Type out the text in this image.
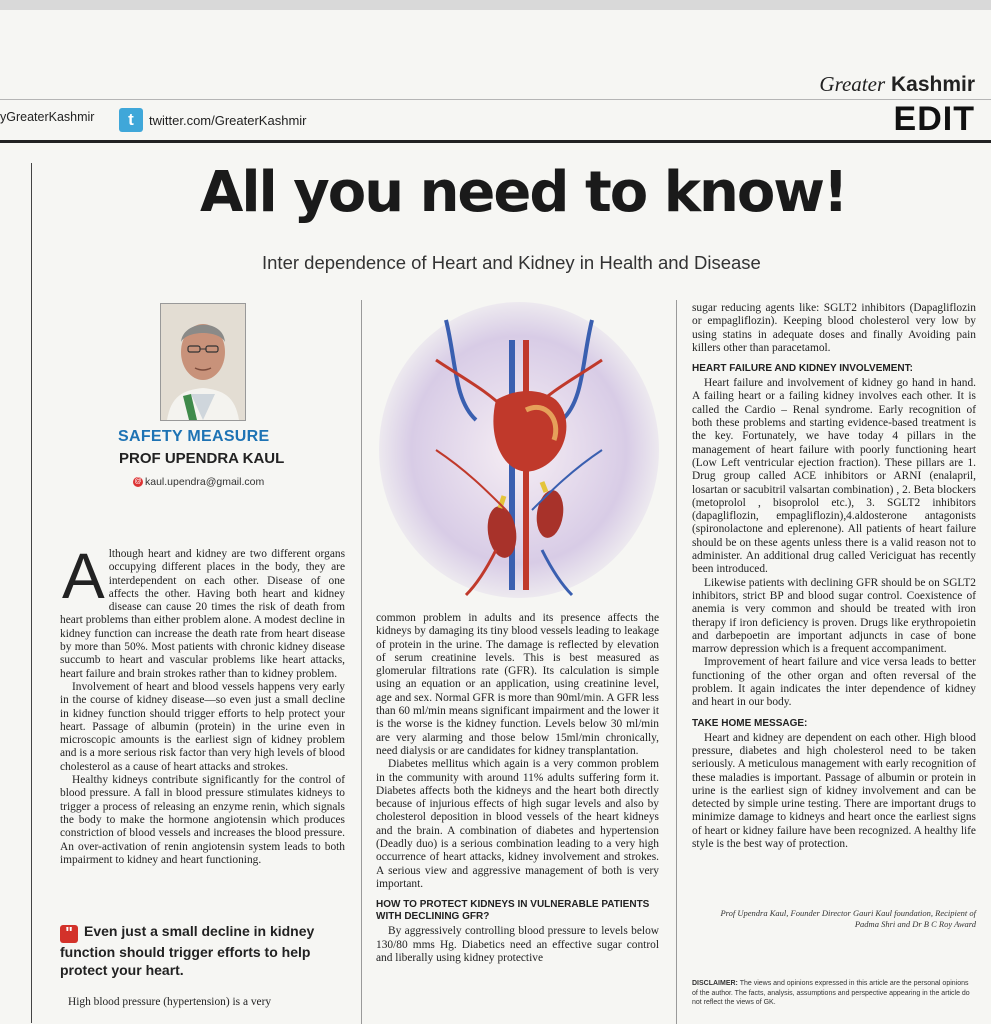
Greater Kashmir
yGreaterKashmir	t	twitter.com/GreaterKashmir	EDIT
All you need to know!
Inter dependence of Heart and Kidney in Health and Disease
SAFETY MEASURE
PROF UPENDRA KAUL
@ kaul.upendra@gmail.com

Although heart and kidney are two different organs occupying different places in the body, they are interdependent on each other. Disease of one affects the other. Having both heart and kidney disease can cause 20 times the risk of death from heart problems than either problem alone. A modest decline in kidney function can increase the death rate from heart disease by more than 50%. Most patients with chronic kidney disease succumb to heart and vascular problems like heart attacks, heart failure and brain strokes rather than to kidney problem.

Involvement of heart and blood vessels happens very early in the course of kidney disease—so even just a small decline in kidney function should trigger efforts to help protect your heart. Passage of albumin (protein) in the urine even in microscopic amounts is the earliest sign of kidney problem and is a more serious risk factor than very high levels of blood cholesterol as a cause of heart attacks and strokes.

Healthy kidneys contribute significantly for the control of blood pressure. A fall in blood pressure stimulates kidneys to trigger a process of releasing an enzyme renin, which signals the body to make the hormone angiotensin which produces constriction of blood vessels and increases the blood pressure. An over-activation of renin angiotensin system leads to both impairment to kidney and heart functioning.

" Even just a small decline in kidney function should trigger efforts to help protect your heart.
High blood pressure (hypertension) is a very

common problem in adults and its presence affects the kidneys by damaging its tiny blood vessels leading to leakage of protein in the urine. The damage is reflected by elevation of serum creatinine levels. This is best measured as glomerular filtrations rate (GFR). Its calculation is simple using an equation or an application, using creatinine level, age and sex. Normal GFR is more than 90ml/min. A GFR less than 60 ml/min means significant impairment and the lower it is the worse is the kidney function. Levels below 30 ml/min are very alarming and those below 15ml/min chronically, need dialysis or are candidates for kidney transplantation.

Diabetes mellitus which again is a very common problem in the community with around 11% adults suffering form it. Diabetes affects both the kidneys and the heart both directly because of injurious effects of high sugar levels and also by cholesterol deposition in blood vessels of the heart kidneys and the brain. A combination of diabetes and hypertension (Deadly duo) is a serious combination leading to a very high occurrence of heart attacks, kidney involvement and strokes. A serious view and aggressive management of both is very important.

HOW TO PROTECT KIDNEYS IN VULNERABLE PATIENTS WITH DECLINING GFR?

By aggressively controlling blood pressure to levels below 130/80 mms Hg. Diabetics need an effective sugar control and liberally using kidney protective

sugar reducing agents like: SGLT2 inhibitors (Dapagliflozin or empagliflozin). Keeping blood cholesterol very low by using statins in adequate doses and finally Avoiding pain killers other than paracetamol.

HEART FAILURE AND KIDNEY INVOLVEMENT:

Heart failure and involvement of kidney go hand in hand. A failing heart or a failing kidney involves each other. It is called the Cardio – Renal syndrome. Early recognition of both these problems and starting evidence-based treatment is the key. Fortunately, we have today 4 pillars in the management of heart failure with poorly functioning heart (Low Left ventricular ejection fraction). These pillars are 1. Drug group called ACE inhibitors or ARNI (enalapril, losartan or sacubitril valsartan combination) , 2. Beta blockers (metoprolol , bisoprolol etc.), 3. SGLT2 inhibitors (dapagliflozin, empagliflozin),4.aldosterone antagonists (spironolactone and eplerenone). All patients of heart failure should be on these agents unless there is a valid reason not to administer. An additional drug called Vericiguat has recently been introduced.

Likewise patients with declining GFR should be on SGLT2 inhibitors, strict BP and blood sugar control. Coexistence of anemia is very common and should be treated with iron therapy if iron deficiency is proven. Drugs like erythropoietin and darbepoetin are important adjuncts in case of bone marrow depression which is a frequent accompaniment.

Improvement of heart failure and vice versa leads to better functioning of the other organ and often reversal of the problem. It again indicates the inter dependence of kidney and heart in our body.

TAKE HOME MESSAGE:

Heart and kidney are dependent on each other. High blood pressure, diabetes and high cholesterol need to be taken seriously. A meticulous management with early recognition of these maladies is important. Passage of albumin or protein in urine is the earliest sign of kidney involvement and can be detected by simple urine testing. There are important drugs to minimize damage to kidneys and heart once the earliest signs of heart or kidney failure have been recognized. A healthy life style is the best way of protection.

Prof Upendra Kaul, Founder Director Gauri Kaul foundation, Recipient of Padma Shri and Dr B C Roy Award
DISCLAIMER: The views and opinions expressed in this article are the personal opinions of the author. The facts, analysis, assumptions and perspective appearing in the article do not reflect the views of GK.
